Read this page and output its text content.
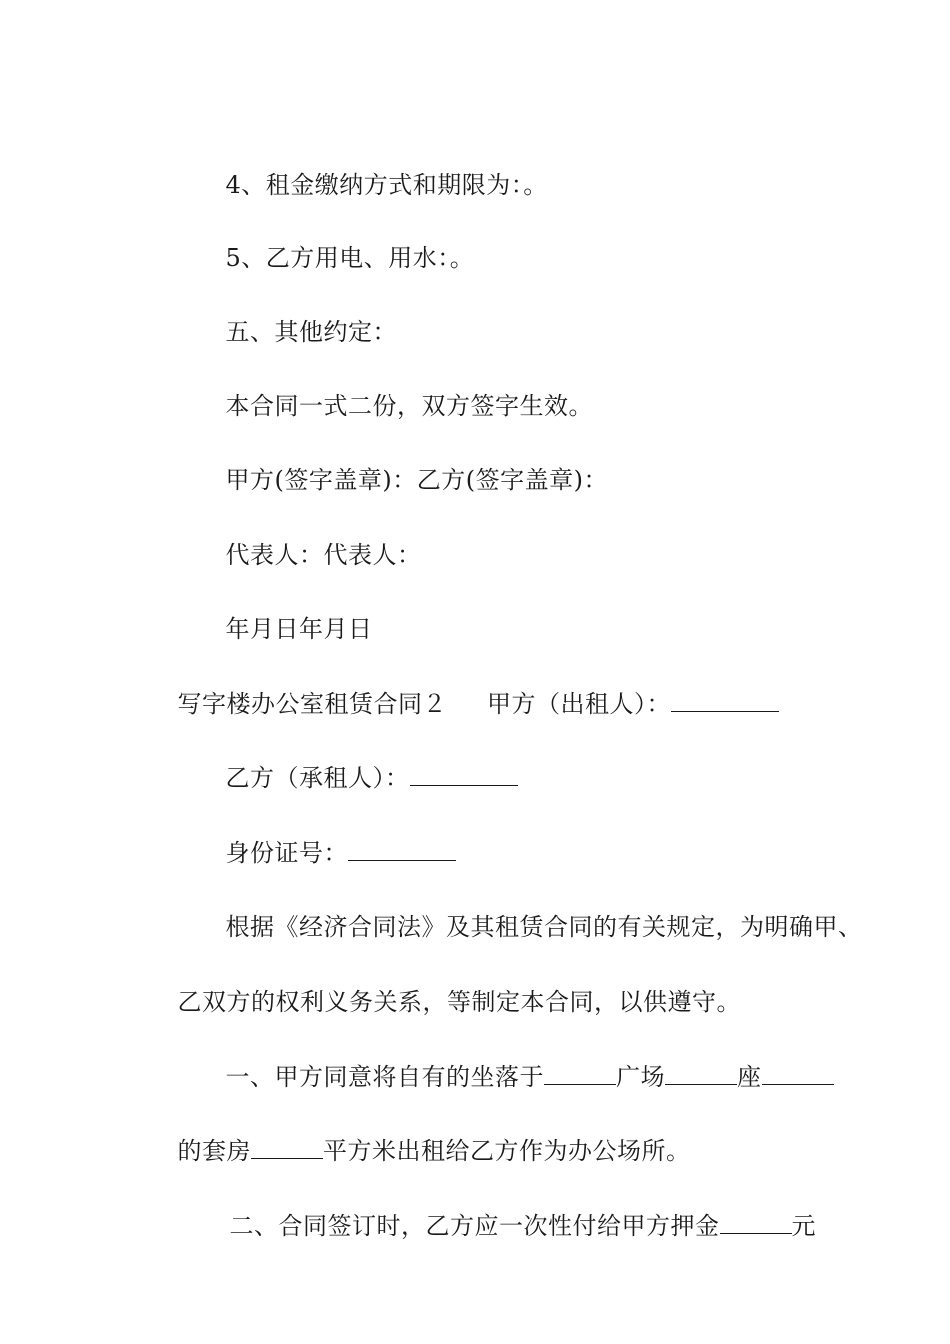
4、租金缴纳方式和期限为：。

5、乙方用电、用水：。

五、其他约定：

本合同一式二份，双方签字生效。

甲方(签字盖章)：乙方(签字盖章)：

代表人：代表人：

年月日年月日

写字楼办公室租赁合同２ 甲方（出租人）：

乙方（承租人）：

身份证号：

根据《经济合同法》及其租赁合同的有关规定，为明确甲、

乙双方的权利义务关系，等制定本合同，以供遵守。

一、甲方同意将自有的坐落于	广场	座

的套房	平方米出租给乙方作为办公场所。

二、合同签订时，乙方应一次性付给甲方押金	元
